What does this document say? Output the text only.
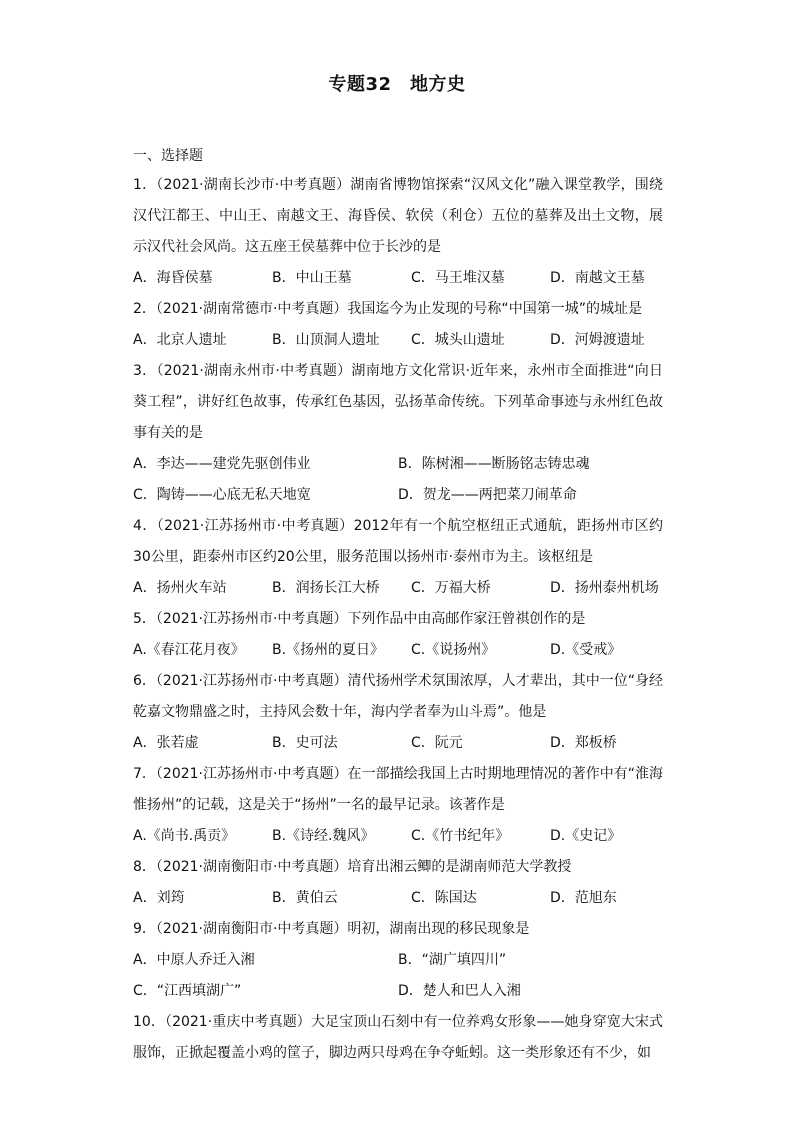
专题32　地方史
一、选择题

1．（2021·湖南长沙市·中考真题）湖南省博物馆探索“汉风文化”融入课堂教学，围绕汉代江都王、中山王、南越文王、海昏侯、软侯（利仓）五位的墓葬及出土文物，展示汉代社会风尚。这五座王侯墓葬中位于长沙的是

A．海昏侯墓	B．中山王墓	C．马王堆汉墓	D．南越文王墓

2．（2021·湖南常德市·中考真题）我国迄今为止发现的号称“中国第一城”的城址是

A．北京人遗址	B．山顶洞人遗址	C．城头山遗址	D．河姆渡遗址

3．（2021·湖南永州市·中考真题）湖南地方文化常识·近年来，永州市全面推进“向日葵工程”，讲好红色故事，传承红色基因，弘扬革命传统。下列革命事迹与永州红色故事有关的是

A．李达——建党先驱创伟业	B．陈树湘——断肠铭志铸忠魂
C．陶铸——心底无私天地宽	D．贺龙——两把菜刀闹革命

4．（2021·江苏扬州市·中考真题）2012年有一个航空枢纽正式通航，距扬州市区约30公里，距泰州市区约20公里，服务范围以扬州市·泰州市为主。该枢纽是

A．扬州火车站	B．润扬长江大桥	C．万福大桥	D．扬州泰州机场

5．（2021·江苏扬州市·中考真题）下列作品中由高邮作家汪曾祺创作的是

A.《春江花月夜》	B.《扬州的夏日》	C.《说扬州》	D.《受戒》

6．（2021·江苏扬州市·中考真题）清代扬州学术氛围浓厚，人才辈出，其中一位“身经乾嘉文物鼎盛之时，主持风会数十年，海内学者奉为山斗焉”。他是

A．张若虚	B．史可法	C．阮元	D．郑板桥

7．（2021·江苏扬州市·中考真题）在一部描绘我国上古时期地理情况的著作中有“淮海惟扬州”的记载，这是关于“扬州”一名的最早记录。该著作是

A.《尚书.禹贡》	B.《诗经.魏风》	C.《竹书纪年》	D.《史记》

8．（2021·湖南衡阳市·中考真题）培育出湘云鲫的是湖南师范大学教授

A．刘筠	B．黄伯云	C．陈国达	D．范旭东

9．（2021·湖南衡阳市·中考真题）明初，湖南出现的移民现象是

A．中原人乔迁入湘	B．“湖广填四川”
C．“江西填湖广”	D．楚人和巴人入湘

10．（2021·重庆中考真题）大足宝顶山石刻中有一位养鸡女形象——她身穿宽大宋式服饰，正掀起覆盖小鸡的筐子，脚边两只母鸡在争夺蚯蚓。这一类形象还有不少，如
